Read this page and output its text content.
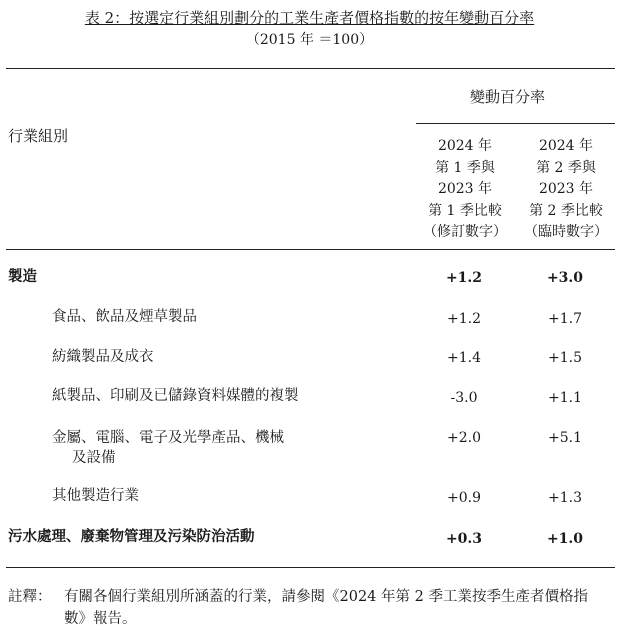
表 2：按選定行業組別劃分的工業生產者價格指數的按年變動百分率
（2015 年 ＝100）
行業組別
變動百分率
2024 年
第 1 季與
2023 年
第 1 季比較
（修訂數字）
2024 年
第 2 季與
2023 年
第 2 季比較
（臨時數字）
製造	+1.2	+3.0
食品、飲品及煙草製品	+1.2	+1.7
紡織製品及成衣	+1.4	+1.5
紙製品、印刷及已儲錄資料媒體的複製	-3.0	+1.1
金屬、電腦、電子及光學產品、機械
及設備
+2.0	+5.1
其他製造行業	+0.9	+1.3
污水處理、廢棄物管理及污染防治活動	+0.3	+1.0
註釋： 有關各個行業組別所涵蓋的行業，請參閱《2024 年第 2 季工業按季生產者價格指數》報告。
